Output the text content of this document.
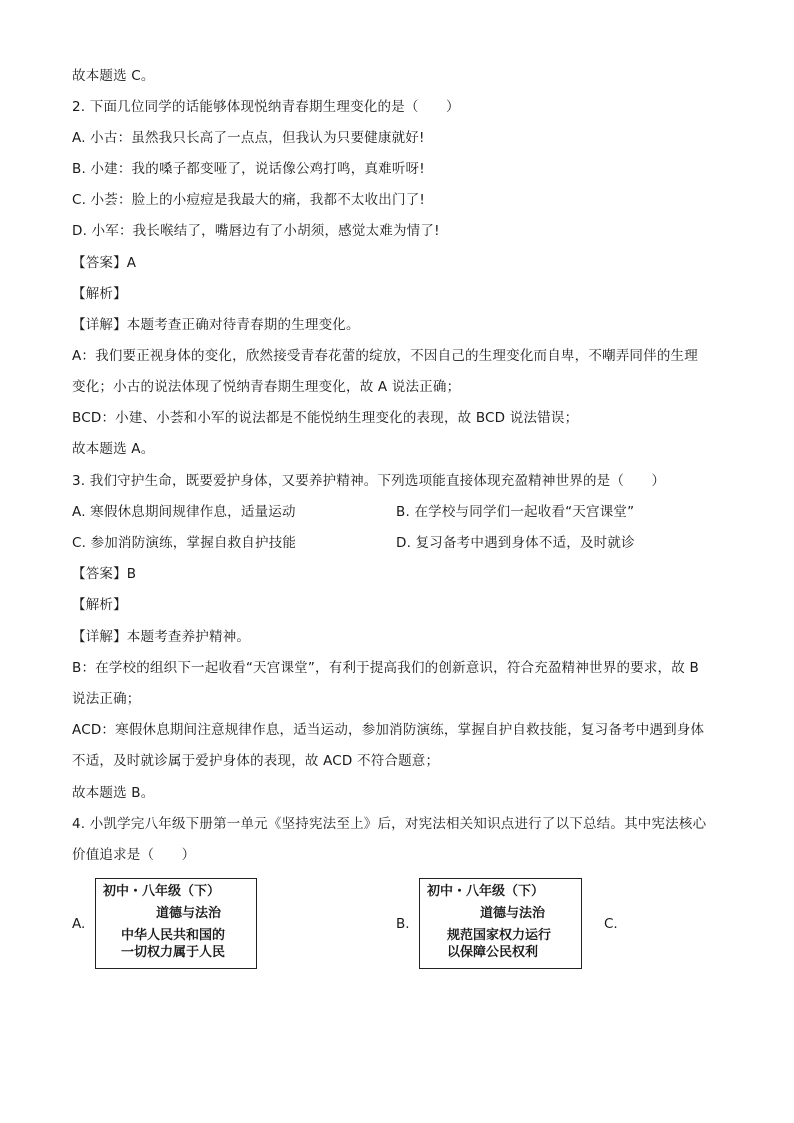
故本题选 C。
2. 下面几位同学的话能够体现悦纳青春期生理变化的是（　　）
A. 小古：虽然我只长高了一点点，但我认为只要健康就好!
B. 小建：我的嗓子都变哑了，说话像公鸡打鸣，真难听呀!
C. 小荟：脸上的小痘痘是我最大的痛，我都不太收出门了!
D. 小军：我长喉结了，嘴唇边有了小胡须，感觉太难为情了!
【答案】A
【解析】
【详解】本题考查正确对待青春期的生理变化。
A：我们要正视身体的变化，欣然接受青春花蕾的绽放，不因自己的生理变化而自卑，不嘲弄同伴的生理
变化；小古的说法体现了悦纳青春期生理变化，故 A 说法正确；
BCD：小建、小荟和小军的说法都是不能悦纳生理变化的表现，故 BCD 说法错误；
故本题选 A。
3. 我们守护生命，既要爱护身体，又要养护精神。下列选项能直接体现充盈精神世界的是（　　）
A. 寒假休息期间规律作息，适量运动	B. 在学校与同学们一起收看“天宫课堂”
C. 参加消防演练，掌握自救自护技能	D. 复习备考中遇到身体不适，及时就诊
【答案】B
【解析】
【详解】本题考查养护精神。
B：在学校的组织下一起收看“天宫课堂”，有利于提高我们的创新意识，符合充盈精神世界的要求，故 B
说法正确；
ACD：寒假休息期间注意规律作息，适当运动，参加消防演练，掌握自护自救技能，复习备考中遇到身体
不适，及时就诊属于爱护身体的表现，故 ACD 不符合题意；
故本题选 B。
4. 小凯学完八年级下册第一单元《坚持宪法至上》后，对宪法相关知识点进行了以下总结。其中宪法核心
价值追求是（　　）
A.
初中・八年级（下）
道德与法治
中华人民共和国的
一切权力属于人民
B.
初中・八年级（下）
道德与法治
规范国家权力运行
以保障公民权利
C.
